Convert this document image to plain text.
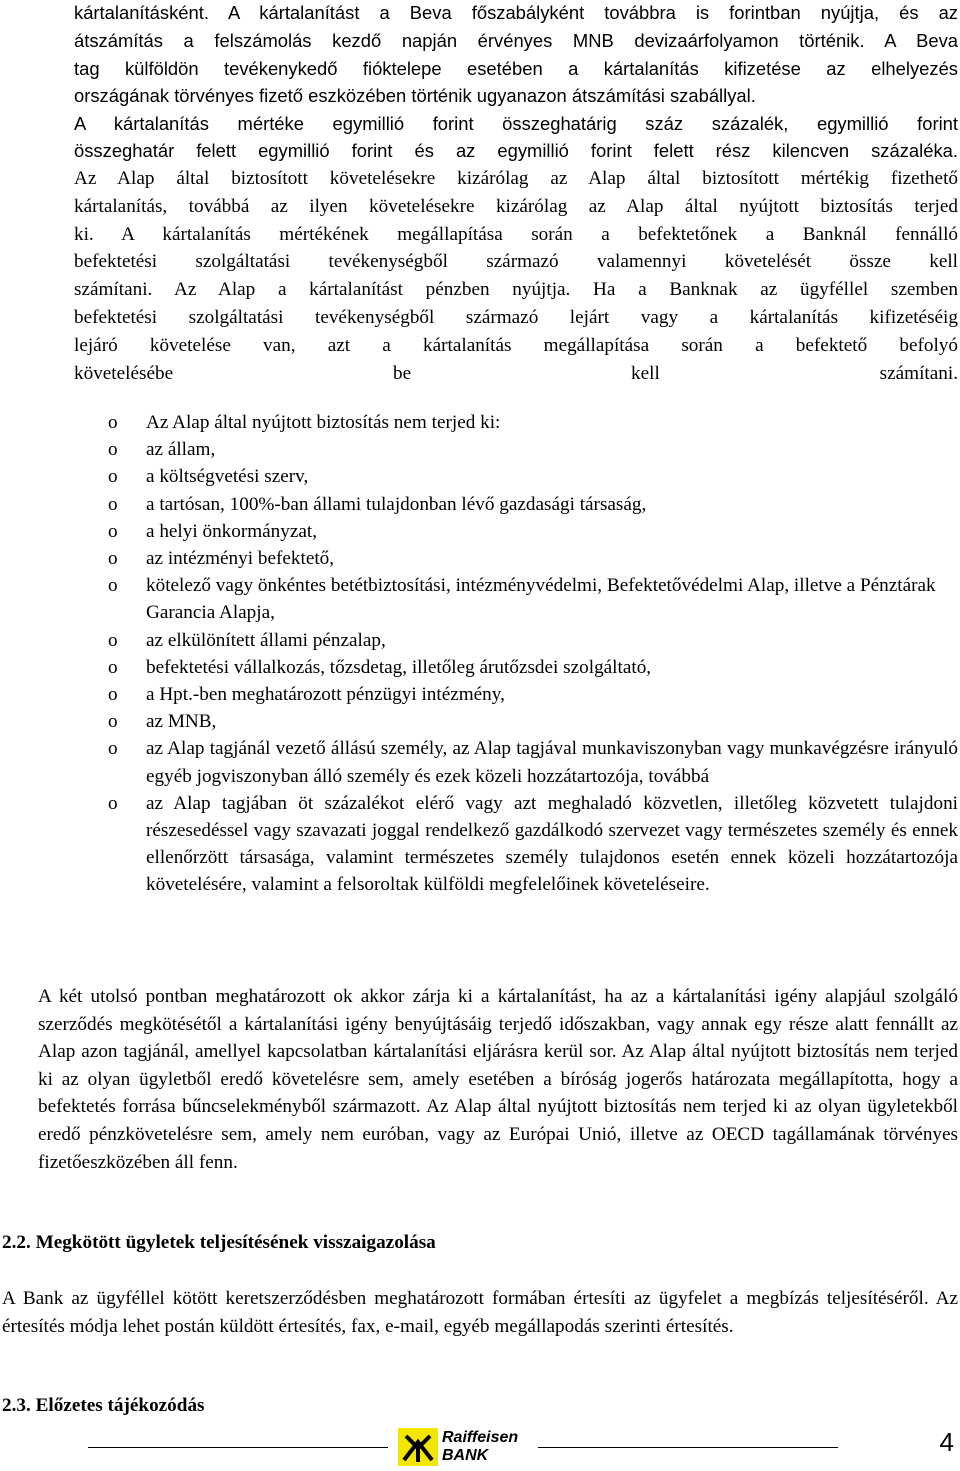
kártalanításként. A kártalanítást a Beva főszabályként továbbra is forintban nyújtja, és az
átszámítás a felszámolás kezdő napján érvényes MNB devizaárfolyamon történik. A Beva
tag külföldön tevékenykedő fióktelepe esetében a kártalanítás kifizetése az elhelyezés
országának törvényes fizető eszközében történik ugyanazon átszámítási szabállyal.
A kártalanítás mértéke egymillió forint összeghatárig száz százalék, egymillió forint
összeghatár felett egymillió forint és az egymillió forint felett rész kilencven százaléka.
Az Alap által biztosított követelésekre kizárólag az Alap által biztosított mértékig fizethető
kártalanítás, továbbá az ilyen követelésekre kizárólag az Alap által nyújtott biztosítás terjed
ki. A kártalanítás mértékének megállapítása során a befektetőnek a Banknál fennálló
befektetési szolgáltatási tevékenységből származó valamennyi követelését össze kell
számítani. Az Alap a kártalanítást pénzben nyújtja. Ha a Banknak az ügyféllel szemben
befektetési szolgáltatási tevékenységből származó lejárt vagy a kártalanítás kifizetéséig
lejáró követelése van, azt a kártalanítás megállapítása során a befektető befolyó
követelésébe be kell számítani.
o Az Alap által nyújtott biztosítás nem terjed ki:
o az állam,
o a költségvetési szerv,
o a tartósan, 100%-ban állami tulajdonban lévő gazdasági társaság,
o a helyi önkormányzat,
o az intézményi befektető,
o kötelező vagy önkéntes betétbiztosítási, intézményvédelmi, Befektetővédelmi Alap, illetve a Pénztárak Garancia Alapja,
o az elkülönített állami pénzalap,
o befektetési vállalkozás, tőzsdetag, illetőleg árutőzsdei szolgáltató,
o a Hpt.-ben meghatározott pénzügyi intézmény,
o az MNB,
o az Alap tagjánál vezető állású személy, az Alap tagjával munkaviszonyban vagy munkavégzésre irányuló egyéb jogviszonyban álló személy és ezek közeli hozzátartozója, továbbá
o az Alap tagjában öt százalékot elérő vagy azt meghaladó közvetlen, illetőleg közvetett tulajdoni részesedéssel vagy szavazati joggal rendelkező gazdálkodó szervezet vagy természetes személy és ennek ellenőrzött társasága, valamint természetes személy tulajdonos esetén ennek közeli hozzátartozója követelésére, valamint a felsoroltak külföldi megfelelőinek követeléseire.

A két utolsó pontban meghatározott ok akkor zárja ki a kártalanítást, ha az a kártalanítási igény alapjául szolgáló szerződés megkötésétől a kártalanítási igény benyújtásáig terjedő időszakban, vagy annak egy része alatt fennállt az Alap azon tagjánál, amellyel kapcsolatban kártalanítási eljárásra kerül sor. Az Alap által nyújtott biztosítás nem terjed ki az olyan ügyletből eredő követelésre sem, amely esetében a bíróság jogerős határozata megállapította, hogy a befektetés forrása bűncselekményből származott. Az Alap által nyújtott biztosítás nem terjed ki az olyan ügyletekből eredő pénzkövetelésre sem, amely nem euróban, vagy az Európai Unió, illetve az OECD tagállamának törvényes fizetőeszközében áll fenn.

2.2. Megkötött ügyletek teljesítésének visszaigazolása

A Bank az ügyféllel kötött keretszerződésben meghatározott formában értesíti az ügyfelet a megbízás teljesítéséről. Az értesítés módja lehet postán küldött értesítés, fax, e-mail, egyéb megállapodás szerinti értesítés.

2.3. Előzetes tájékozódás
Raiffeisen
BANK	4
